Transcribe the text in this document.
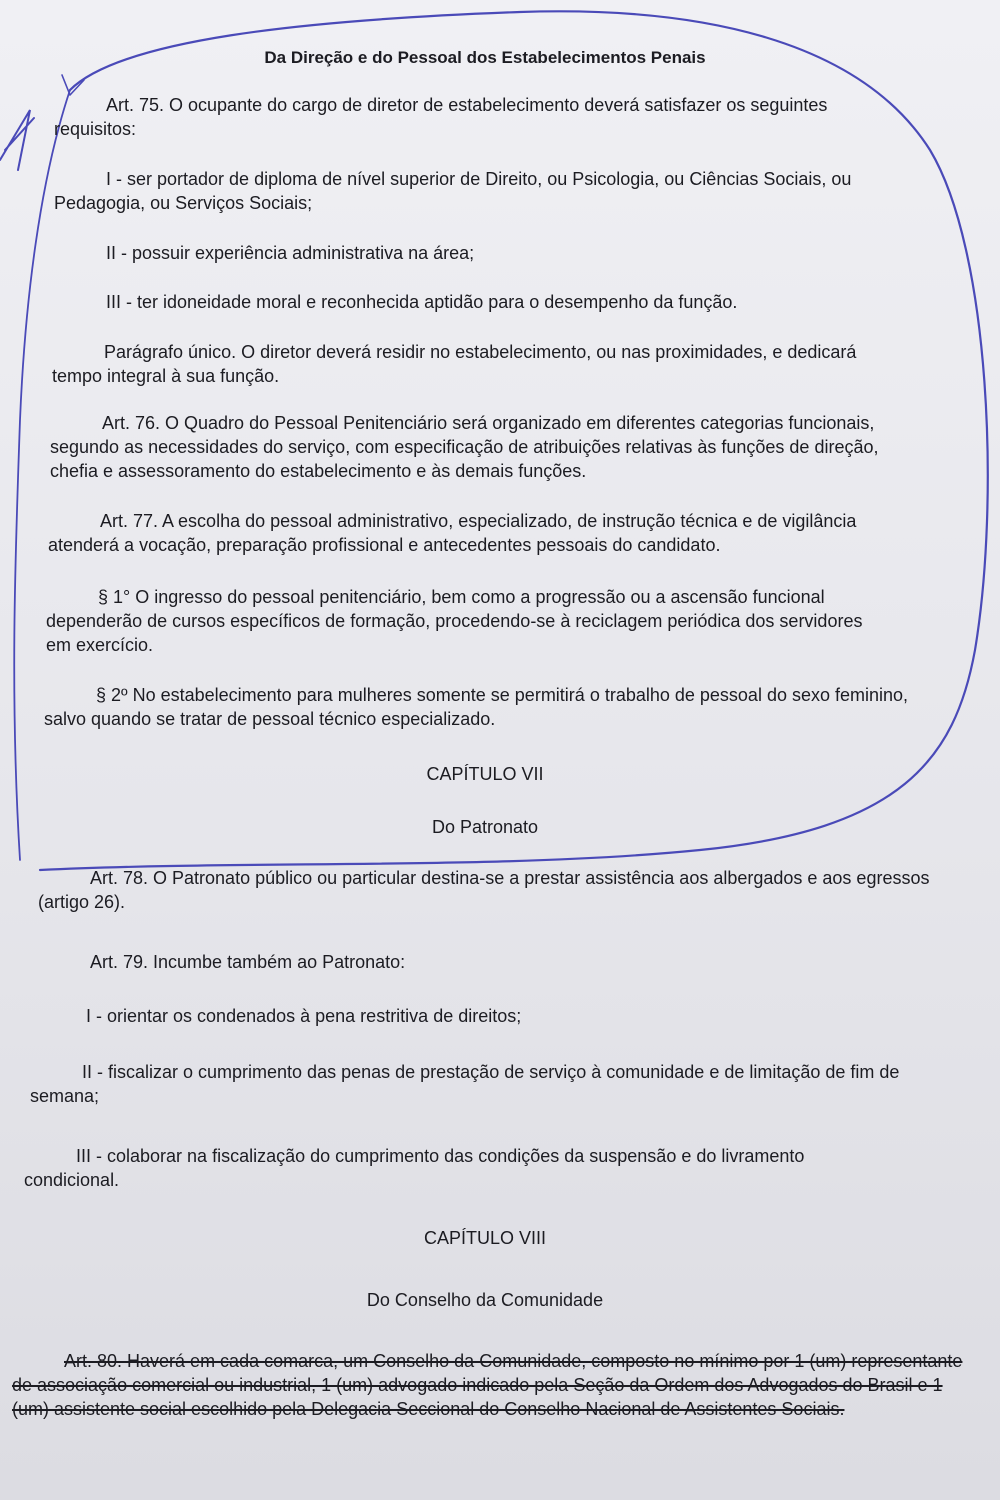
Da Direção e do Pessoal dos Estabelecimentos Penais

Art. 75. O ocupante do cargo de diretor de estabelecimento deverá satisfazer os seguintes requisitos:

I - ser portador de diploma de nível superior de Direito, ou Psicologia, ou Ciências Sociais, ou Pedagogia, ou Serviços Sociais;

II - possuir experiência administrativa na área;

III - ter idoneidade moral e reconhecida aptidão para o desempenho da função.

Parágrafo único. O diretor deverá residir no estabelecimento, ou nas proximidades, e dedicará tempo integral à sua função.

Art. 76. O Quadro do Pessoal Penitenciário será organizado em diferentes categorias funcionais, segundo as necessidades do serviço, com especificação de atribuições relativas às funções de direção, chefia e assessoramento do estabelecimento e às demais funções.

Art. 77. A escolha do pessoal administrativo, especializado, de instrução técnica e de vigilância atenderá a vocação, preparação profissional e antecedentes pessoais do candidato.

§ 1° O ingresso do pessoal penitenciário, bem como a progressão ou a ascensão funcional dependerão de cursos específicos de formação, procedendo-se à reciclagem periódica dos servidores em exercício.

§ 2º No estabelecimento para mulheres somente se permitirá o trabalho de pessoal do sexo feminino, salvo quando se tratar de pessoal técnico especializado.

CAPÍTULO VII

Do Patronato

Art. 78. O Patronato público ou particular destina-se a prestar assistência aos albergados e aos egressos (artigo 26).

Art. 79. Incumbe também ao Patronato:

I - orientar os condenados à pena restritiva de direitos;

II - fiscalizar o cumprimento das penas de prestação de serviço à comunidade e de limitação de fim de semana;

III - colaborar na fiscalização do cumprimento das condições da suspensão e do livramento condicional.

CAPÍTULO VIII

Do Conselho da Comunidade

Art. 80. Haverá em cada comarca, um Conselho da Comunidade, composto no mínimo por 1 (um) representante de associação comercial ou industrial, 1 (um) advogado indicado pela Seção da Ordem dos Advogados do Brasil e 1 (um) assistente social escolhido pela Delegacia Seccional do Conselho Nacional de Assistentes Sociais.
